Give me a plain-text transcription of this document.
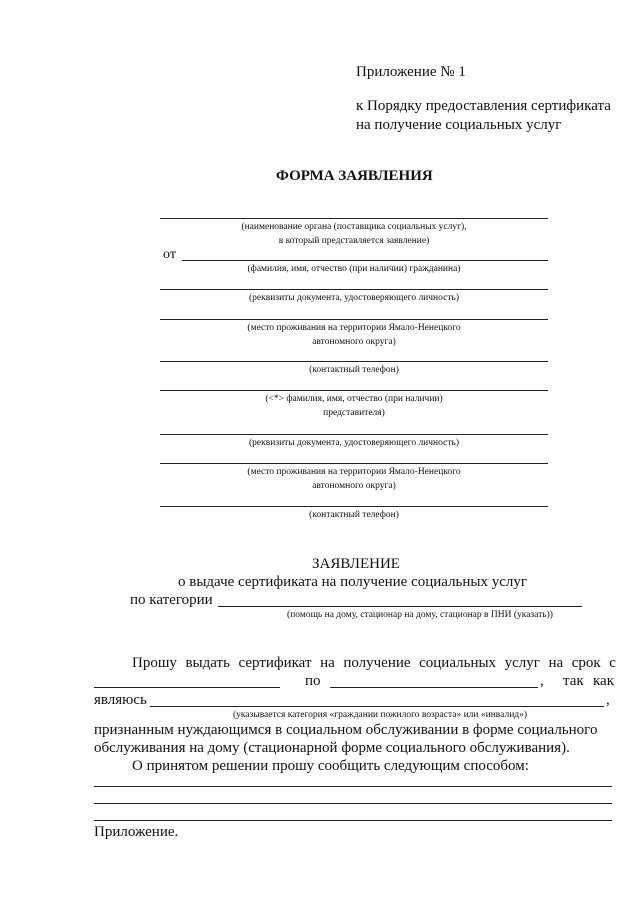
Приложение № 1
к Порядку предоставления сертификата
на получение социальных услуг
ФОРМА ЗАЯВЛЕНИЯ
(наименование органа (поставщика социальных услуг),
в который представляется заявление)
от
(фамилия, имя, отчество (при наличии) гражданина)
(реквизиты документа, удостоверяющего личность)
(место проживания на территории Ямало-Ненецкого
автономного округа)
(контактный телефон)
(<*> фамилия, имя, отчество (при наличии)
представителя)
(реквизиты документа, удостоверяющего личность)
(место проживания на территории Ямало-Ненецкого
автономного округа)
(контактный телефон)
ЗАЯВЛЕНИЕ
о выдаче сертификата на получение социальных услуг
по категории
(помощь на дому, стационар на дому, стационар в ПНИ (указать))
Прошу выдать сертификат на получение социальных услуг на срок с
по	, так как
являюсь	,
(указывается категория «граждании пожилого возраста» или «инвалид»)
признанным нуждающимся в социальном обслуживании в форме социального
обслуживания на дому (стационарной форме социального обслуживания).
О принятом решении прошу сообщить следующим способом:
Приложение.
